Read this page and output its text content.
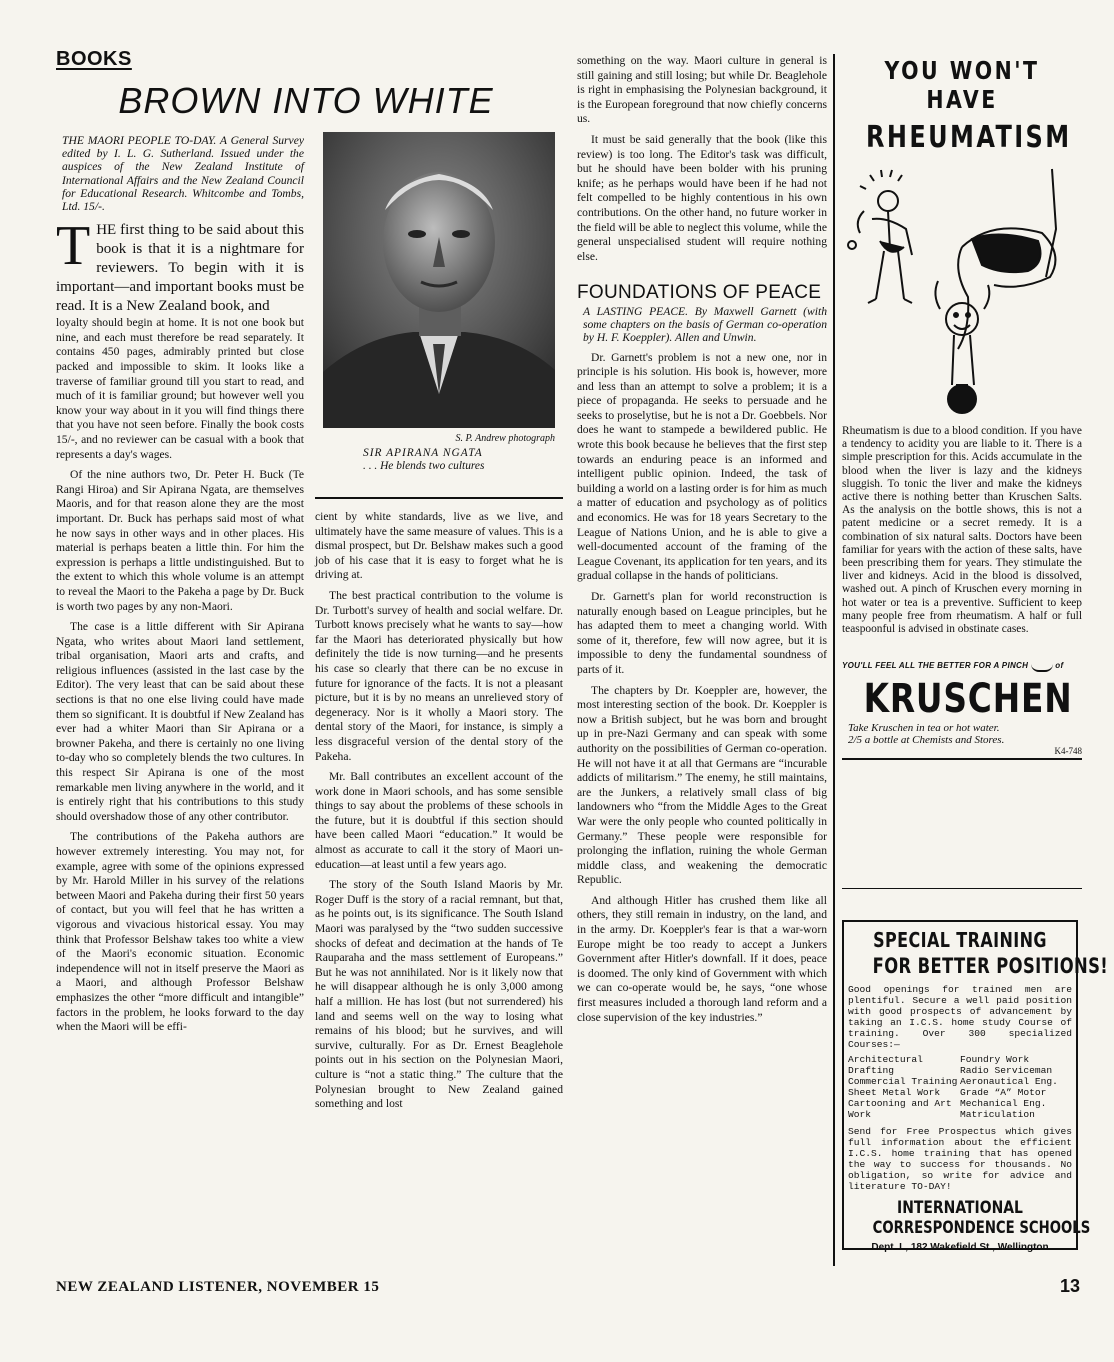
BOOKS
BROWN INTO WHITE

THE MAORI PEOPLE TO-DAY. A General Survey edited by I. L. G. Sutherland. Issued under the auspices of the New Zealand Institute of International Affairs and the New Zealand Council for Educational Research. Whitcombe and Tombs, Ltd. 15/-.

T HE first thing to be said about this book is that it is a nightmare for reviewers. To begin with it is important—and important books must be read. It is a New Zealand book, and

loyalty should begin at home. It is not one book but nine, and each must therefore be read separately. It contains 450 pages, admirably printed but close packed and impossible to skim. It looks like a traverse of familiar ground till you start to read, and much of it is familiar ground; but however well you know your way about in it you will find things there that you have not seen before. Finally the book costs 15/-, and no reviewer can be casual with a book that represents a day's wages.

Of the nine authors two, Dr. Peter H. Buck (Te Rangi Hiroa) and Sir Apirana Ngata, are themselves Maoris, and for that reason alone they are the most important. Dr. Buck has perhaps said most of what he now says in other ways and in other places. His material is perhaps beaten a little thin. For him the expression is perhaps a little undistinguished. But to the extent to which this whole volume is an attempt to reveal the Maori to the Pakeha a page by Dr. Buck is worth two pages by any non-Maori.

The case is a little different with Sir Apirana Ngata, who writes about Maori land settlement, tribal organisation, Maori arts and crafts, and religious influences (assisted in the last case by the Editor). The very least that can be said about these sections is that no one else living could have made them so significant. It is doubtful if New Zealand has ever had a whiter Maori than Sir Apirana or a browner Pakeha, and there is certainly no one living to-day who so completely blends the two cultures. In this respect Sir Apirana is one of the most remarkable men living anywhere in the world, and it is entirely right that his contributions to this study should overshadow those of any other contributor.

The contributions of the Pakeha authors are however extremely interesting. You may not, for example, agree with some of the opinions expressed by Mr. Harold Miller in his survey of the relations between Maori and Pakeha during their first 50 years of contact, but you will feel that he has written a vigorous and vivacious historical essay. You may think that Professor Belshaw takes too white a view of the Maori's economic situation. Economic independence will not in itself preserve the Maori as a Maori, and although Professor Belshaw emphasizes the other “more difficult and intangible” factors in the problem, he looks forward to the day when the Maori will be effi-

S. P. Andrew photograph
SIR APIRANA NGATA
. . . He blends two cultures

cient by white standards, live as we live, and ultimately have the same measure of values. This is a dismal prospect, but Dr. Belshaw makes such a good job of his case that it is easy to forget what he is driving at.

The best practical contribution to the volume is Dr. Turbott's survey of health and social welfare. Dr. Turbott knows precisely what he wants to say—how far the Maori has deteriorated physically but how definitely the tide is now turning—and he presents his case so clearly that there can be no excuse in future for ignorance of the facts. It is not a pleasant picture, but it is by no means an unrelieved story of degeneracy. Nor is it wholly a Maori story. The dental story of the Maori, for instance, is simply a less disgraceful version of the dental story of the Pakeha.

Mr. Ball contributes an excellent account of the work done in Maori schools, and has some sensible things to say about the problems of these schools in the future, but it is doubtful if this section should have been called Maori “education.” It would be almost as accurate to call it the story of Maori un-education—at least until a few years ago.

The story of the South Island Maoris by Mr. Roger Duff is the story of a racial remnant, but that, as he points out, is its significance. The South Island Maori was paralysed by the “two sudden successive shocks of defeat and decimation at the hands of Te Rauparaha and the mass settlement of Europeans.” But he was not annihilated. Nor is it likely now that he will disappear although he is only 3,000 among half a million. He has lost (but not surrendered) his land and seems well on the way to losing what remains of his blood; but he survives, and will survive, culturally. For as Dr. Ernest Beaglehole points out in his section on the Polynesian Maori, culture is “not a static thing.” The culture that the Polynesian brought to New Zealand gained something and lost

something on the way. Maori culture in general is still gaining and still losing; but while Dr. Beaglehole is right in emphasising the Polynesian background, it is the European foreground that now chiefly concerns us.

It must be said generally that the book (like this review) is too long. The Editor's task was difficult, but he should have been bolder with his pruning knife; as he perhaps would have been if he had not felt compelled to be highly contentious in his own contributions. On the other hand, no future worker in the field will be able to neglect this volume, while the general unspecialised student will require nothing else.

FOUNDATIONS OF PEACE

A LASTING PEACE. By Maxwell Garnett (with some chapters on the basis of German co-operation by H. F. Koeppler). Allen and Unwin.

Dr. Garnett's problem is not a new one, nor in principle is his solution. His book is, however, more and less than an attempt to solve a problem; it is a piece of propaganda. He seeks to persuade and he seeks to proselytise, but he is not a Dr. Goebbels. Nor does he want to stampede a bewildered public. He wrote this book because he believes that the first step towards an enduring peace is an informed and intelligent public opinion. Indeed, the task of building a world on a lasting order is for him as much a matter of education and psychology as of politics and economics. He was for 18 years Secretary to the League of Nations Union, and he is able to give a well-documented account of the framing of the League Covenant, its application for ten years, and its gradual collapse in the hands of politicians.

Dr. Garnett's plan for world reconstruction is naturally enough based on League principles, but he has adapted them to meet a changing world. With some of it, therefore, few will now agree, but it is impossible to deny the fundamental soundness of parts of it.

The chapters by Dr. Koeppler are, however, the most interesting section of the book. Dr. Koeppler is now a British subject, but he was born and brought up in pre-Nazi Germany and can speak with some authority on the possibilities of German co-operation. He will not have it at all that Germans are “incurable addicts of militarism.” The enemy, he still maintains, are the Junkers, a relatively small class of big landowners who “from the Middle Ages to the Great War were the only people who counted politically in Germany.” These people were responsible for prolonging the inflation, ruining the whole German middle class, and weakening the democratic Republic.

And although Hitler has crushed them like all others, they still remain in industry, on the land, and in the army. Dr. Koeppler's fear is that a war-worn Europe might be too ready to accept a Junkers Government after Hitler's downfall. If it does, peace is doomed. The only kind of Government with which we can co-operate would be, he says, “one whose first measures included a thorough land reform and a close supervision of the key industries.”

YOU WON'T HAVE
RHEUMATISM

Rheumatism is due to a blood condition. If you have a tendency to acidity you are liable to it. There is a simple prescription for this. Acids accumulate in the blood when the liver is lazy and the kidneys sluggish. To tonic the liver and make the kidneys active there is nothing better than Kruschen Salts. As the analysis on the bottle shows, this is not a patent medicine or a secret remedy. It is a combination of six natural salts. Doctors have been familiar for years with the action of these salts, have been prescribing them for years. They stimulate the liver and kidneys. Acid in the blood is dissolved, washed out. A pinch of Kruschen every morning in hot water or tea is a preventive. Sufficient to keep many people free from rheumatism. A half or full teaspoonful is advised in obstinate cases.

YOU'LL FEEL ALL THE BETTER FOR A PINCH	of
KRUSCHEN
Take Kruschen in tea or hot water.
2/5 a bottle at Chemists and Stores.
K4-748
SPECIAL TRAINING
FOR BETTER POSITIONS!

Good openings for trained men are plentiful. Secure a well paid position with good prospects of advancement by taking an I.C.S. home study Course of training. Over 300 specialized Courses:—

Architectural Drafting
Commercial Training
Sheet Metal Work
Cartooning and Art Work
Foundry Work
Radio Serviceman
Aeronautical Eng.
Grade “A” Motor
Mechanical Eng.
Matriculation

Send for Free Prospectus which gives full information about the efficient I.C.S. home training that has opened the way to success for thousands. No obligation, so write for advice and literature TO-DAY!

INTERNATIONAL
CORRESPONDENCE SCHOOLS
Dept. L, 182 Wakefield St., Wellington
NEW ZEALAND LISTENER, NOVEMBER 15	13
